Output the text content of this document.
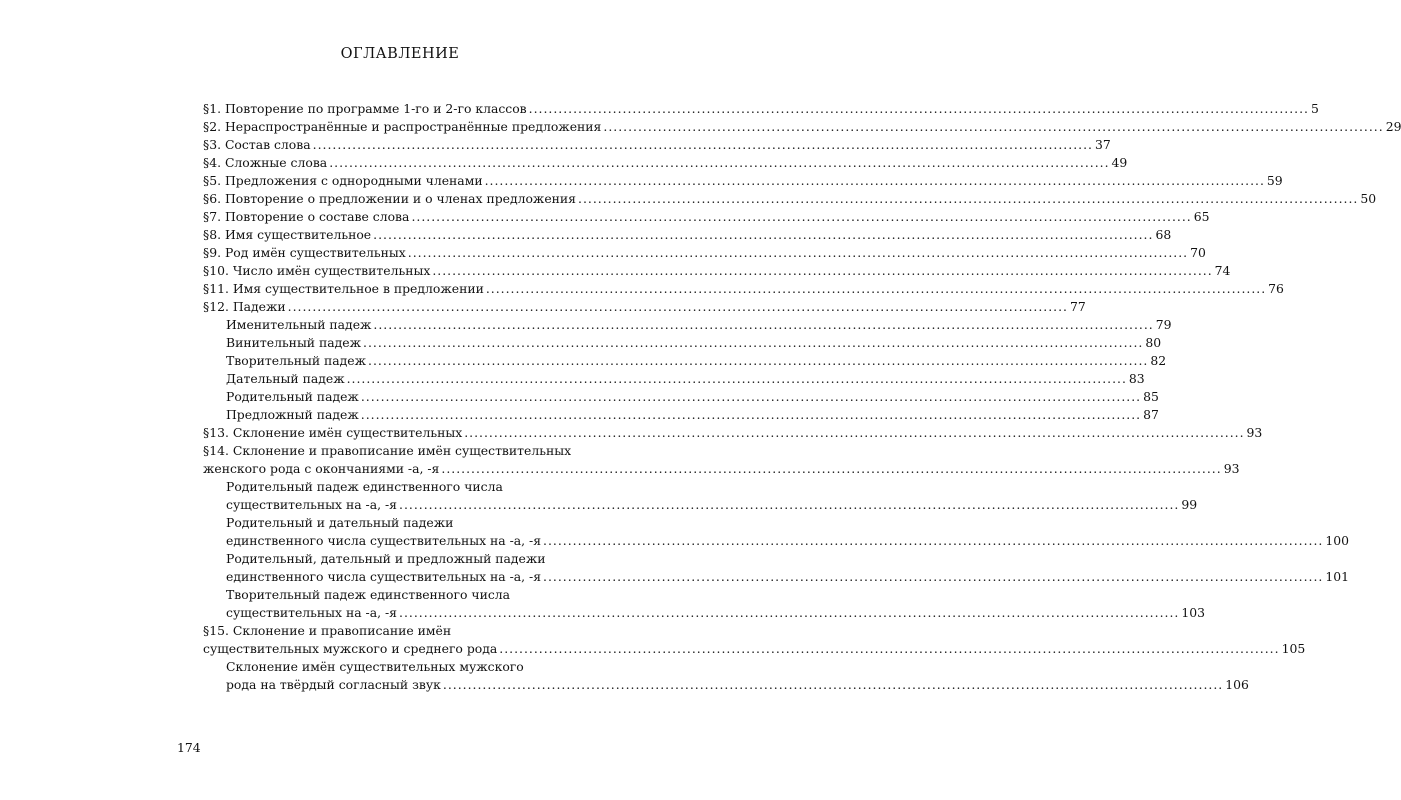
ОГЛАВЛЕНИЕ
§1. Повторение по программе 1-го и 2-го классов .....	5
§2. Нераспространённые и распространённые предложения .....	29
§3. Состав слова .....	37
§4. Сложные слова .....	49
§5. Предложения с однородными членами .....	59
§6. Повторение о предложении и о членах предложения .....	50
§7. Повторение о составе слова .....	65
§8. Имя существительное .....	68
§9. Род имён существительных .....	70
§10. Число имён существительных .....	74
§11. Имя существительное в предложении .....	76
§12. Падежи .....	77
Именительный падеж .....	79
Винительный падеж .....	80
Творительный падеж .....	82
Дательный падеж .....	83
Родительный падеж .....	85
Предложный падеж .....	87
§13. Склонение имён существительных .....	93
§14. Склонение и правописание имён существительных
женского рода с окончаниями -а, -я .....	93
Родительный падеж единственного числа
существительных на -а, -я .....	99
Родительный и дательный падежи
единственного числа существительных на -а, -я .....	100
Родительный, дательный и предложный падежи
единственного числа существительных на -а, -я .....	101
Творительный падеж единственного числа
существительных на -а, -я .....	103
§15. Склонение и правописание имён
существительных мужского и среднего рода .....	105
Склонение имён существительных мужского
рода на твёрдый согласный звук .....	106
174
